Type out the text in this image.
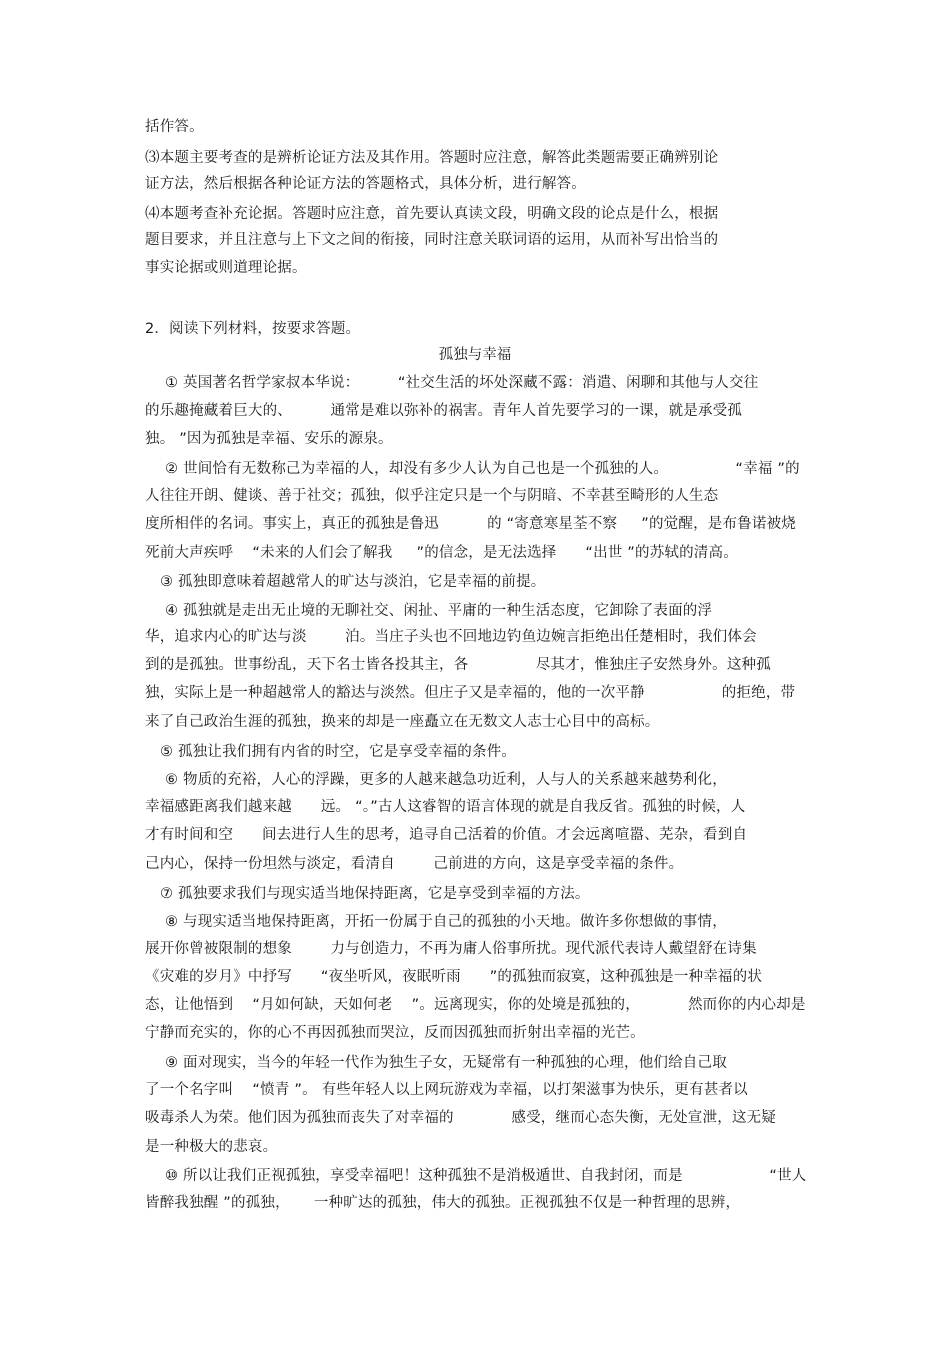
括作答。

⑶本题主要考查的是辨析论证方法及其作用。答题时应注意，解答此类题需要正确辨别论

证方法，然后根据各种论证方法的答题格式，具体分析，进行解答。

⑷本题考查补充论据。答题时应注意，首先要认真读文段，明确文段的论点是什么，根据

题目要求，并且注意与上下文之间的衔接，同时注意关联词语的运用，从而补写出恰当的

事实论据或则道理论据。

2．阅读下列材料，按要求答题。

孤独与幸福

① 英国著名哲学家叔本华说：        “社交生活的坏处深藏不露：消遣、闲聊和其他与人交往

的乐趣掩藏着巨大的、        通常是难以弥补的祸害。青年人首先要学习的一课，就是承受孤

独。 ”因为孤独是幸福、安乐的源泉。

② 世间恰有无数称己为幸福的人，却没有多少人认为自己也是一个孤独的人。              “幸福 ”的

人往往开朗、健谈、善于社交；孤独，似乎注定只是一个与阴暗、不幸甚至畸形的人生态

度所相伴的名词。事实上，真正的孤独是鲁迅          的 “寄意寒星荃不察     ”的觉醒，是布鲁诺被烧

死前大声疾呼    “未来的人们会了解我     ”的信念，是无法选择      “出世 ”的苏轼的清高。

③ 孤独即意味着超越常人的旷达与淡泊，它是幸福的前提。

④ 孤独就是走出无止境的无聊社交、闲扯、平庸的一种生活态度，它卸除了表面的浮

华，追求内心的旷达与淡        泊。当庄子头也不回地边钓鱼边婉言拒绝出任楚相时，我们体会

到的是孤独。世事纷乱，天下名士皆各投其主，各              尽其才，惟独庄子安然身外。这种孤

独，实际上是一种超越常人的豁达与淡然。但庄子又是幸福的，他的一次平静                的拒绝，带

来了自己政治生涯的孤独，换来的却是一座矗立在无数文人志士心目中的高标。

⑤ 孤独让我们拥有内省的时空，它是享受幸福的条件。

⑥ 物质的充裕，人心的浮躁，更多的人越来越急功近利，人与人的关系越来越势利化，

幸福感距离我们越来越      远。 “。”古人这睿智的语言体现的就是自我反省。孤独的时候，人

才有时间和空      间去进行人生的思考，追寻自己活着的价值。才会远离喧嚣、芜杂，看到自

己内心，保持一份坦然与淡定，看清自        己前进的方向，这是享受幸福的条件。

⑦ 孤独要求我们与现实适当地保持距离，它是享受到幸福的方法。

⑧ 与现实适当地保持距离，开拓一份属于自己的孤独的小天地。做许多你想做的事情，

展开你曾被限制的想象        力与创造力，不再为庸人俗事所扰。现代派代表诗人戴望舒在诗集

《灾难的岁月》中抒写      “夜坐听风，夜眠听雨      ”的孤独而寂寞，这种孤独是一种幸福的状

态，让他悟到    “月如何缺，天如何老    ”。远离现实，你的处境是孤独的，          然而你的内心却是

宁静而充实的，你的心不再因孤独而哭泣，反而因孤独而折射出幸福的光芒。

⑨ 面对现实，当今的年轻一代作为独生子女，无疑常有一种孤独的心理，他们给自己取

了一个名字叫    “愤青 ”。 有些年轻人以上网玩游戏为幸福，以打架滋事为快乐，更有甚者以

吸毒杀人为荣。他们因为孤独而丧失了对幸福的            感受，继而心态失衡，无处宣泄，这无疑

是一种极大的悲哀。

⑩ 所以让我们正视孤独，享受幸福吧！这种孤独不是消极遁世、自我封闭，而是                  “世人

皆醉我独醒 ”的孤独，     一种旷达的孤独，伟大的孤独。正视孤独不仅是一种哲理的思辨，
